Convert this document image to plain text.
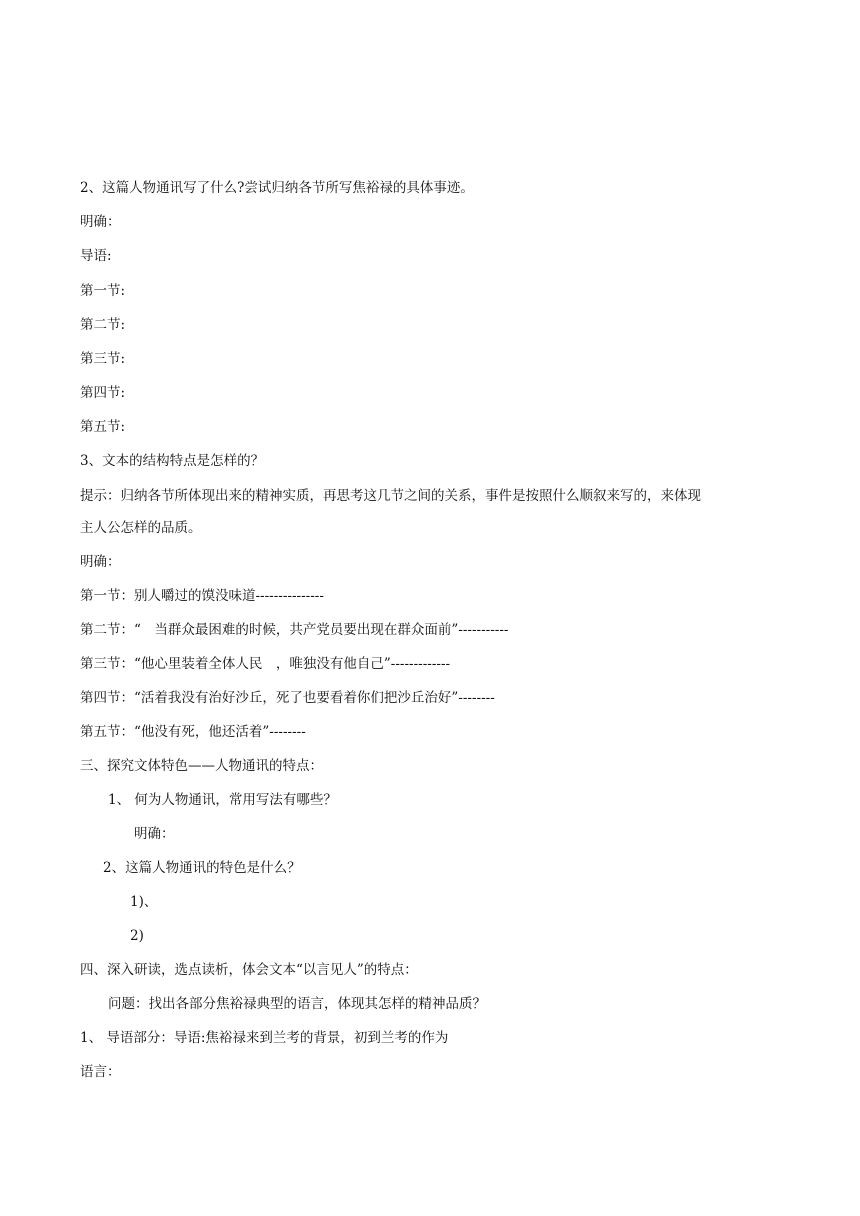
2、这篇人物通讯写了什么?尝试归纳各节所写焦裕禄的具体事迹。
明确：
导语:
第一节:
第二节:
第三节:
第四节:
第五节:
3、文本的结构特点是怎样的？
提示：归纳各节所体现出来的精神实质，再思考这几节之间的关系，事件是按照什么顺叙来写的，来体现
主人公怎样的品质。
明确：
第一节：别人嚼过的馍没味道---------------
第二节：“　当群众最困难的时候，共产党员要出现在群众面前”-----------
第三节：“他心里装着全体人民　，唯独没有他自己”-------------
第四节：“活着我没有治好沙丘，死了也要看着你们把沙丘治好”--------
第五节：“他没有死，他还活着”--------
三、探究文体特色——人物通讯的特点：
1、 何为人物通讯，常用写法有哪些？
明确：
2、这篇人物通讯的特色是什么？
1)、
2)
四、深入研读，选点读析，体会文本“以言见人”的特点：
问题：找出各部分焦裕禄典型的语言，体现其怎样的精神品质？
1、 导语部分：导语:焦裕禄来到兰考的背景，初到兰考的作为
语言：
